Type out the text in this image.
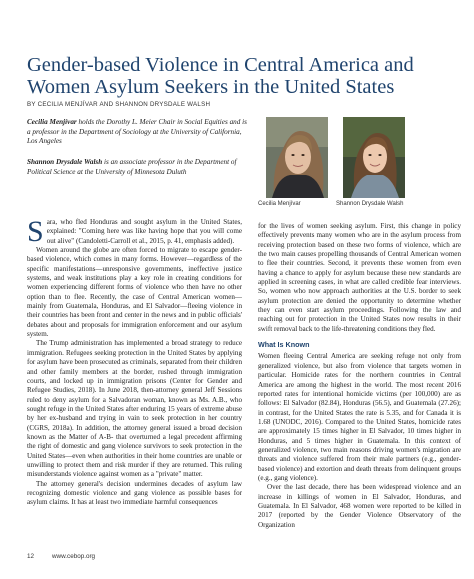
Gender-based Violence in Central America and Women Asylum Seekers in the United States
BY CECILIA MENJÍVAR AND SHANNON DRYSDALE WALSH

Cecilia Menjívar holds the Dorothy L. Meier Chair in Social Equities and is a professor in the Department of Sociology at the University of California, Los Angeles

Shannon Drysdale Walsh is an associate professor in the Department of Political Science at the University of Minnesota Duluth

Cecilia Menjívar	Shannon Drysdale Walsh

Sara, who fled Honduras and sought asylum in the United States, explained: "Coming here was like having hope that you will come out alive" (Candoletti-Carroll et al., 2015, p. 41, emphasis added).

Women around the globe are often forced to migrate to escape gender-based violence, which comes in many forms. However—regardless of the specific manifestations—unresponsive governments, ineffective justice systems, and weak institutions play a key role in creating conditions for women experiencing different forms of violence who then have no other option than to flee. Recently, the case of Central American women—mainly from Guatemala, Honduras, and El Salvador—fleeing violence in their countries has been front and center in the news and in public officials' debates about and proposals for immigration enforcement and our asylum system.

The Trump administration has implemented a broad strategy to reduce immigration. Refugees seeking protection in the United States by applying for asylum have been prosecuted as criminals, separated from their children and other family members at the border, rushed through immigration courts, and locked up in immigration prisons (Center for Gender and Refugee Studies, 2018). In June 2018, then-attorney general Jeff Sessions ruled to deny asylum for a Salvadoran woman, known as Ms. A.B., who sought refuge in the United States after enduring 15 years of extreme abuse by her ex-husband and trying in vain to seek protection in her country (CGRS, 2018a). In addition, the attorney general issued a broad decision known as the Matter of A-B- that overturned a legal precedent affirming the right of domestic and gang violence survivors to seek protection in the United States—even when authorities in their home countries are unable or unwilling to protect them and risk murder if they are returned. This ruling misunderstands violence against women as a "private" matter.

The attorney general's decision undermines decades of asylum law recognizing domestic violence and gang violence as possible bases for asylum claims. It has at least two immediate harmful consequences

for the lives of women seeking asylum. First, this change in policy effectively prevents many women who are in the asylum process from receiving protection based on these two forms of violence, which are the two main causes propelling thousands of Central American women to flee their countries. Second, it prevents these women from even having a chance to apply for asylum because these new standards are applied in screening cases, in what are called credible fear interviews. So, women who now approach authorities at the U.S. border to seek asylum protection are denied the opportunity to determine whether they can even start asylum proceedings. Following the law and reaching out for protection in the United States now results in their swift removal back to the life-threatening conditions they fled.

What Is Known

Women fleeing Central America are seeking refuge not only from generalized violence, but also from violence that targets women in particular. Homicide rates for the northern countries in Central America are among the highest in the world. The most recent 2016 reported rates for intentional homicide victims (per 100,000) are as follows: El Salvador (82.84), Honduras (56.5), and Guatemala (27.26); in contrast, for the United States the rate is 5.35, and for Canada it is 1.68 (UNODC, 2016). Compared to the United States, homicide rates are approximately 15 times higher in El Salvador, 10 times higher in Honduras, and 5 times higher in Guatemala. In this context of generalized violence, two main reasons driving women's migration are threats and violence suffered from their male partners (e.g., gender-based violence) and extortion and death threats from delinquent groups (e.g., gang violence).

Over the last decade, there has been widespread violence and an increase in killings of women in El Salvador, Honduras, and Guatemala. In El Salvador, 468 women were reported to be killed in 2017 (reported by the Gender Violence Observatory of the Organization

12	www.cebop.org
